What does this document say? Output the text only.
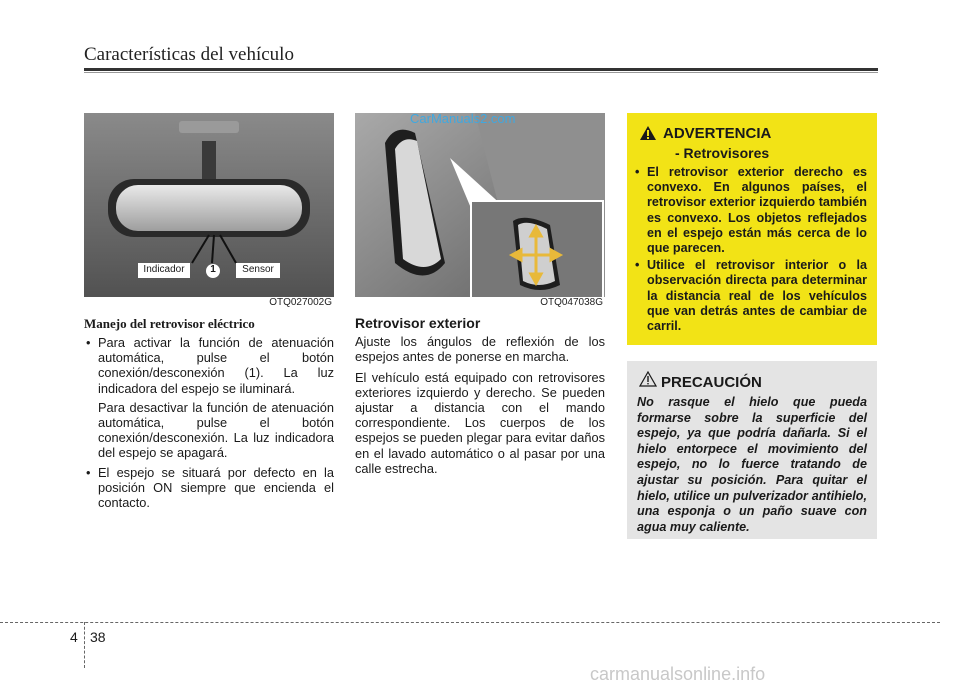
Características del vehículo
Indicador	1	Sensor
OTQ027002G
Manejo del retrovisor eléctrico
• Para activar la función de atenuación automática, pulse el botón conexión/desconexión (1). La luz indicadora del espejo se iluminará.
Para desactivar la función de atenuación automática, pulse el botón conexión/desconexión. La luz indicadora del espejo se apagará.
• El espejo se situará por defecto en la posición ON siempre que encienda el contacto.
OTQ047038G
CarManuals2.com
Retrovisor exterior

Ajuste los ángulos de reflexión de los espejos antes de ponerse en marcha.

El vehículo está equipado con retrovisores exteriores izquierdo y derecho. Se pueden ajustar a distancia con el mando correspondiente. Los cuerpos de los espejos se pueden plegar para evitar daños en el lavado automático o al pasar por una calle estrecha.

ADVERTENCIA
- Retrovisores
• El retrovisor exterior derecho es convexo. En algunos países, el retrovisor exterior izquierdo también es convexo. Los objetos reflejados en el espejo están más cerca de lo que parecen.
• Utilice el retrovisor interior o la observación directa para determinar la distancia real de los vehículos que van detrás antes de cambiar de carril.
PRECAUCIÓN
No rasque el hielo que pueda formarse sobre la superficie del espejo, ya que podría dañarla. Si el hielo entorpece el movimiento del espejo, no lo fuerce tratando de ajustar su posición. Para quitar el hielo, utilice un pulverizador antihielo, una esponja o un paño suave con agua muy caliente.
4 38
carmanualsonline.info
